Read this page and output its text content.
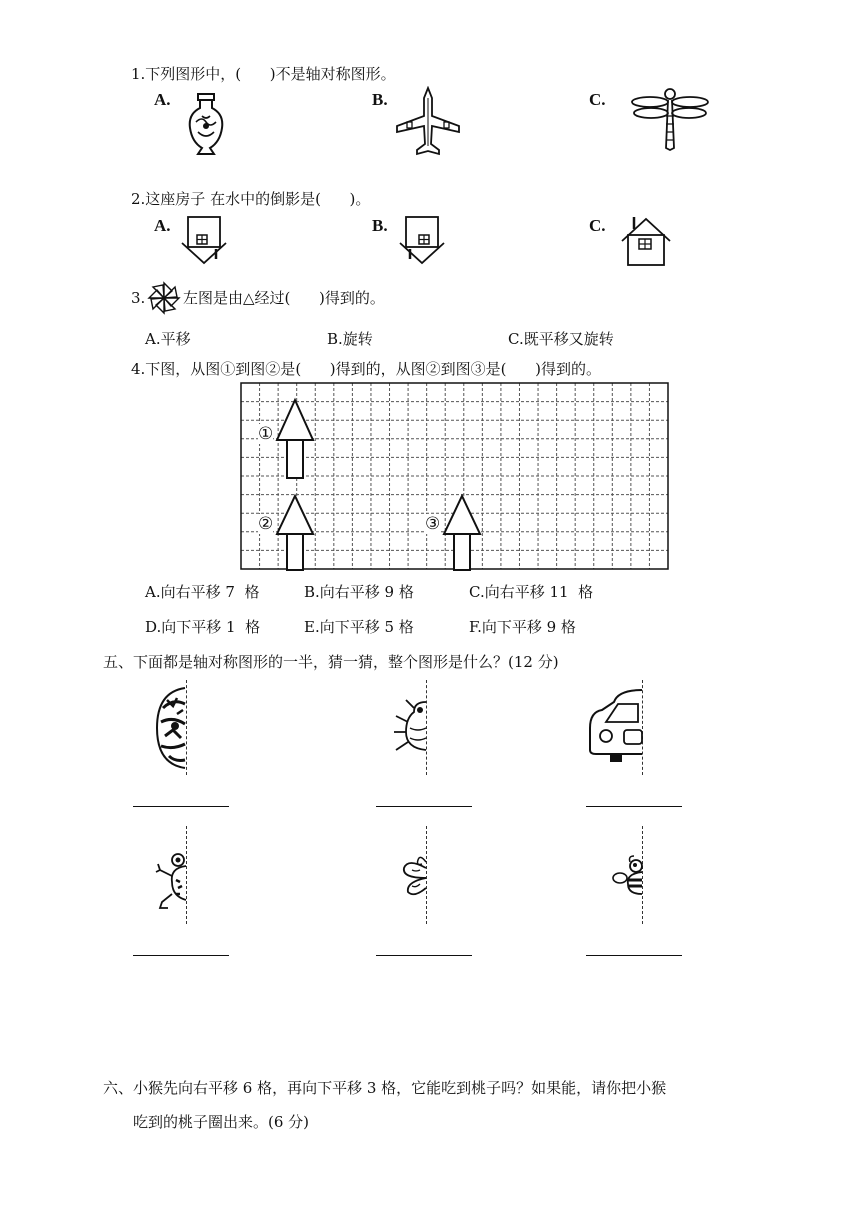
1.下列图形中，(      )不是轴对称图形。
A.	B.	C.
2.这座房子 在水中的倒影是(      )。
A.	B.	C.
3.	左图是由△经过(      )得到的。
A.平移	B.旋转	C.既平移又旋转
4.下图，从图①到图②是(      )得到的，从图②到图③是(      )得到的。
①
②	③
A.向右平移 7  格	B.向右平移 9 格	C.向右平移 11  格
D.向下平移 1  格	E.向下平移 5 格	F.向下平移 9 格
五、下面都是轴对称图形的一半，猜一猜，整个图形是什么？(12 分)
六、小猴先向右平移 6 格，再向下平移 3 格，它能吃到桃子吗？如果能，请你把小猴
吃到的桃子圈出来。(6 分)
